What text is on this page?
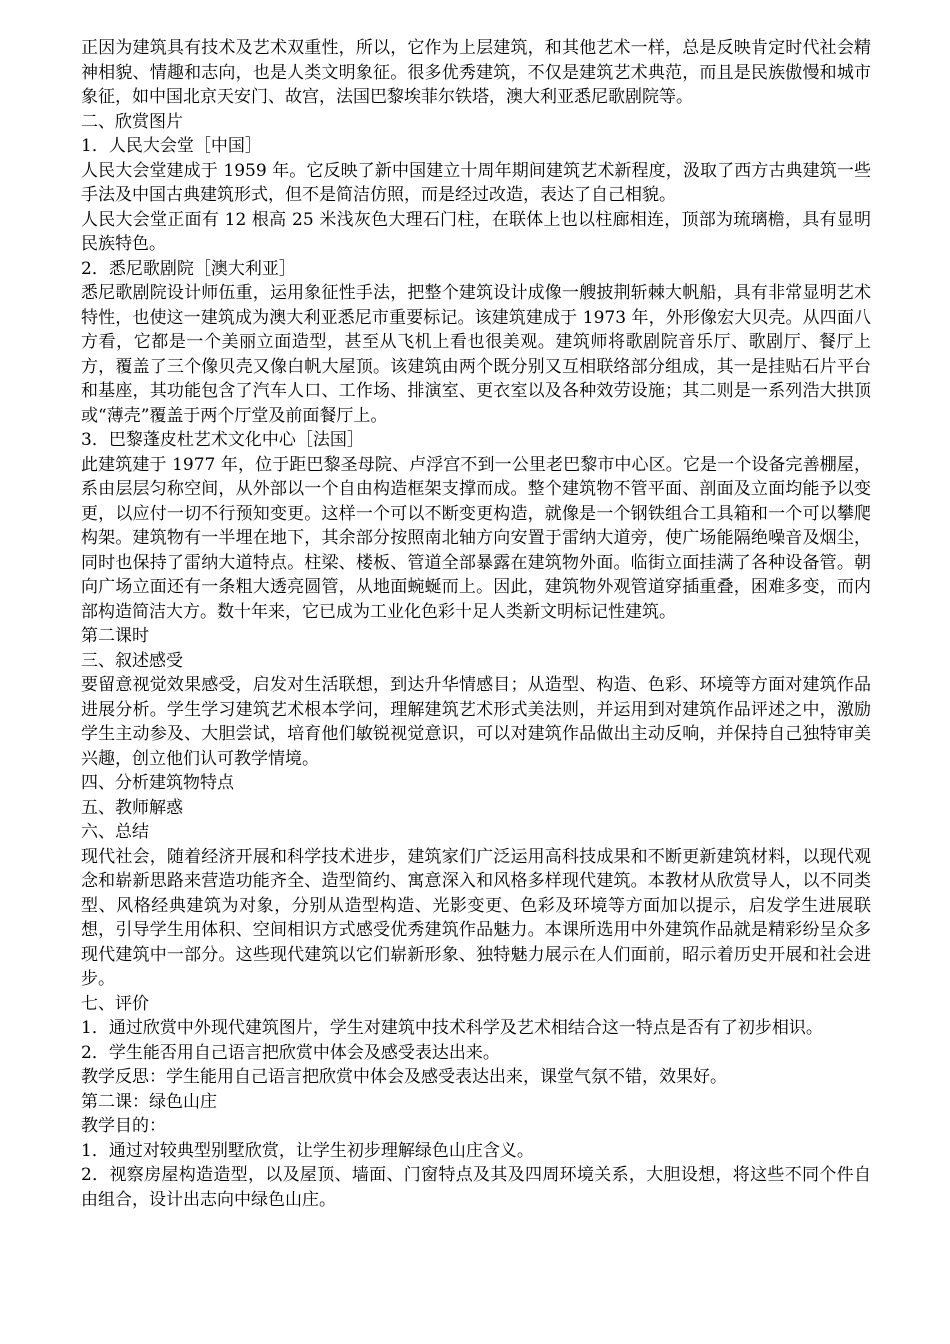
正因为建筑具有技术及艺术双重性，所以，它作为上层建筑，和其他艺术一样，总是反映肯定时代社会精神相貌、情趣和志向，也是人类文明象征。很多优秀建筑，不仅是建筑艺术典范，而且是民族傲慢和城市象征，如中国北京天安门、故宫，法国巴黎埃菲尔铁塔，澳大利亚悉尼歌剧院等。

二、欣赏图片

1．人民大会堂［中国］

人民大会堂建成于 1959 年。它反映了新中国建立十周年期间建筑艺术新程度，汲取了西方古典建筑一些手法及中国古典建筑形式，但不是简洁仿照，而是经过改造，表达了自己相貌。

人民大会堂正面有 12 根高 25 米浅灰色大理石门柱，在联体上也以柱廊相连，顶部为琉璃檐，具有显明民族特色。

2．悉尼歌剧院［澳大利亚］

悉尼歌剧院设计师伍重，运用象征性手法，把整个建筑设计成像一艘披荆斩棘大帆船，具有非常显明艺术特性，也使这一建筑成为澳大利亚悉尼市重要标记。该建筑建成于 1973 年，外形像宏大贝壳。从四面八方看，它都是一个美丽立面造型，甚至从飞机上看也很美观。建筑师将歌剧院音乐厅、歌剧厅、餐厅上方，覆盖了三个像贝壳又像白帆大屋顶。该建筑由两个既分别又互相联络部分组成，其一是挂贴石片平台和基座，其功能包含了汽车人口、工作场、排演室、更衣室以及各种效劳设施；其二则是一系列浩大拱顶或“薄壳”覆盖于两个厅堂及前面餐厅上。

3．巴黎蓬皮杜艺术文化中心［法国］

此建筑建于 1977 年，位于距巴黎圣母院、卢浮宫不到一公里老巴黎市中心区。它是一个设备完善棚屋，系由层层匀称空间，从外部以一个自由构造框架支撑而成。整个建筑物不管平面、剖面及立面均能予以变更，以应付一切不行预知变更。这样一个可以不断变更构造，就像是一个钢铁组合工具箱和一个可以攀爬构架。建筑物有一半埋在地下，其余部分按照南北轴方向安置于雷纳大道旁，使广场能隔绝噪音及烟尘，同时也保持了雷纳大道特点。柱梁、楼板、管道全部暴露在建筑物外面。临街立面挂满了各种设备管。朝向广场立面还有一条粗大透亮圆管，从地面蜿蜒而上。因此，建筑物外观管道穿插重叠，困难多变，而内部构造简洁大方。数十年来，它已成为工业化色彩十足人类新文明标记性建筑。

第二课时

三、叙述感受

要留意视觉效果感受，启发对生活联想，到达升华情感目；从造型、构造、色彩、环境等方面对建筑作品进展分析。学生学习建筑艺术根本学问，理解建筑艺术形式美法则，并运用到对建筑作品评述之中，激励学生主动参及、大胆尝试，培育他们敏锐视觉意识，可以对建筑作品做出主动反响，并保持自己独特审美兴趣，创立他们认可教学情境。

四、分析建筑物特点

五、教师解惑

六、总结

现代社会，随着经济开展和科学技术进步，建筑家们广泛运用高科技成果和不断更新建筑材料，以现代观念和崭新思路来营造功能齐全、造型简约、寓意深入和风格多样现代建筑。本教材从欣赏导人，以不同类型、风格经典建筑为对象，分别从造型构造、光影变更、色彩及环境等方面加以提示，启发学生进展联想，引导学生用体积、空间相识方式感受优秀建筑作品魅力。本课所选用中外建筑作品就是精彩纷呈众多现代建筑中一部分。这些现代建筑以它们崭新形象、独特魅力展示在人们面前，昭示着历史开展和社会进步。

七、评价

1．通过欣赏中外现代建筑图片，学生对建筑中技术科学及艺术相结合这一特点是否有了初步相识。

2．学生能否用自己语言把欣赏中体会及感受表达出来。

教学反思：学生能用自己语言把欣赏中体会及感受表达出来，课堂气氛不错，效果好。

第二课：绿色山庄

教学目的：

1．通过对较典型别墅欣赏，让学生初步理解绿色山庄含义。

2．视察房屋构造造型，以及屋顶、墙面、门窗特点及其及四周环境关系，大胆设想，将这些不同个件自由组合，设计出志向中绿色山庄。
